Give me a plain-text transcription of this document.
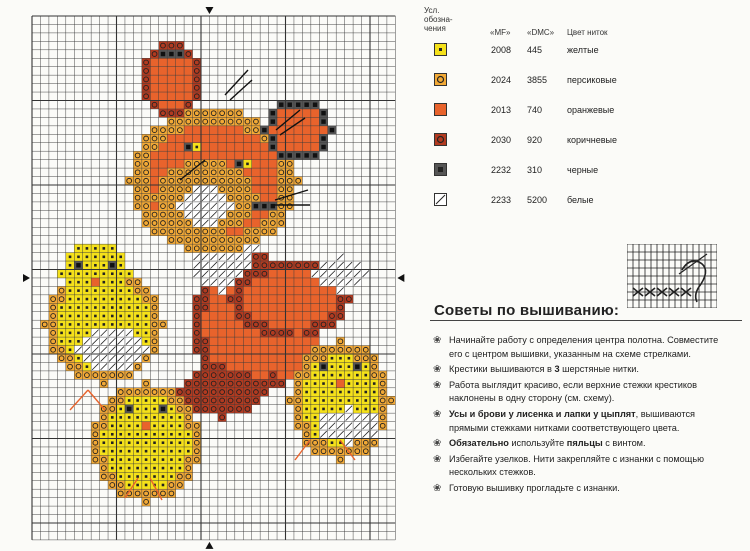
Усл.
обозна-
чения	«MF» «DMC» Цвет ниток
2008 445	желтые
2024 3855 персиковые
2013 740	оранжевые
2030 920	коричневые
2232 310	черные
2233 5200 белые
Советы по вышиванию:
❀ Начинайте работу с определения центра полотна. Совместите его с центром вышивки, указанным на схеме стрелками.
❀ Крестики вышиваются в 3 шерстяные нитки.
❀ Работа выглядит красиво, если верхние стежки крестиков наклонены в одну сторону (см. схему).
❀ Усы и брови у лисенка и лапки у цыплят, вышиваются прямыми стежками нитками соответствующего цвета.
❀ Обязательно используйте пяльцы с винтом.
❀ Избегайте узелков. Нити закрепляйте с изнанки с помощью нескольких стежков.
❀ Готовую вышивку прогладьте с изнанки.
